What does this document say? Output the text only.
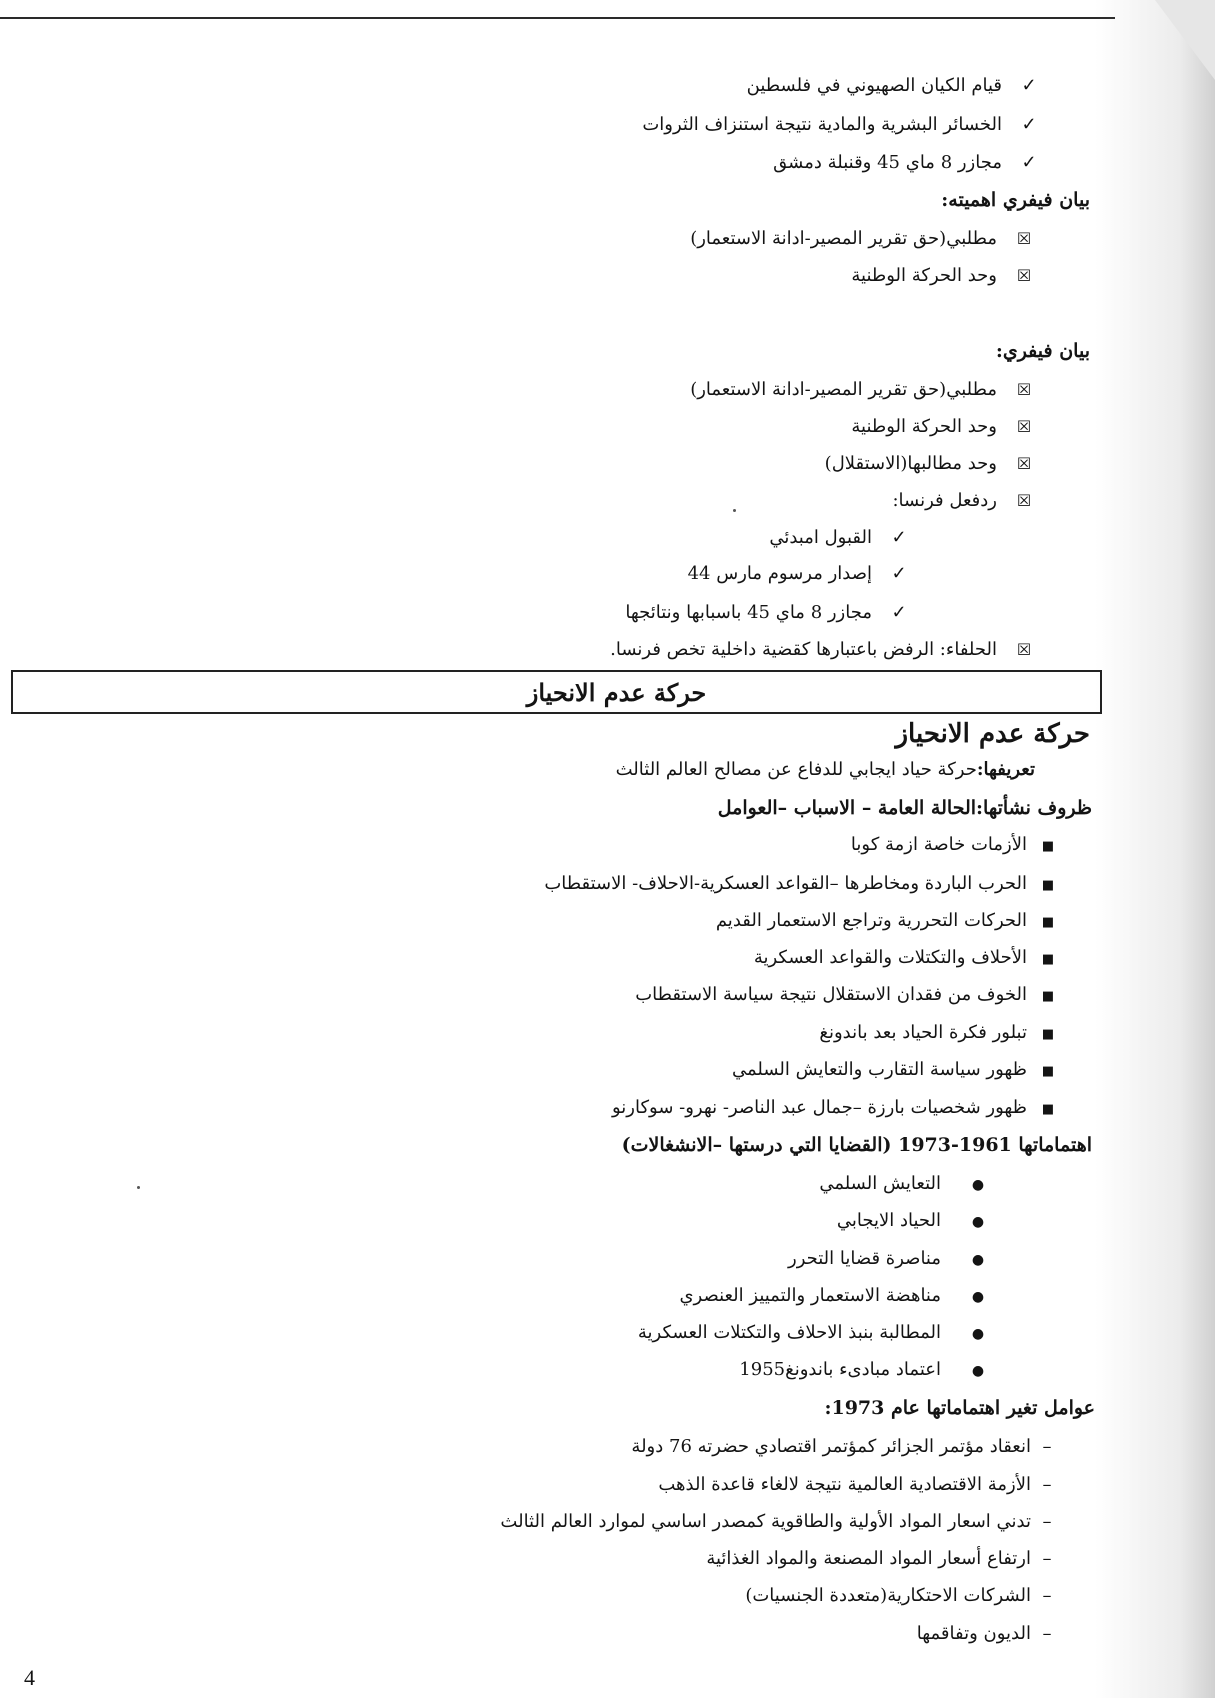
✓قيام الكيان الصهيوني في فلسطين
✓الخسائر البشرية والمادية نتيجة استنزاف الثروات
✓مجازر 8 ماي 45 وقنبلة دمشق
بيان فيفري اهميته:
☒مطلبي(حق تقرير المصير-ادانة الاستعمار)
☒وحد الحركة الوطنية
بيان فيفري:
☒مطلبي(حق تقرير المصير-ادانة الاستعمار)
☒وحد الحركة الوطنية
☒وحد مطالبها(الاستقلال)
☒ردفعل فرنسا:
✓القبول امبدئي
✓إصدار مرسوم مارس 44
✓مجازر 8 ماي 45 باسبابها ونتائجها
☒الحلفاء: الرفض باعتبارها كقضية داخلية تخص فرنسا.
حركة عدم الانحياز
حركة عدم الانحياز
تعريفها:حركة حياد ايجابي للدفاع عن مصالح العالم الثالث
ظروف نشأتها:الحالة العامة – الاسباب –العوامل
■الأزمات خاصة ازمة كوبا
■الحرب الباردة ومخاطرها –القواعد العسكرية-الاحلاف- الاستقطاب
■الحركات التحررية وتراجع الاستعمار القديم
■الأحلاف والتكتلات والقواعد العسكرية
■الخوف من فقدان الاستقلال نتيجة سياسة الاستقطاب
■تبلور فكرة الحياد بعد باندونغ
■ظهور سياسة التقارب والتعايش السلمي
■ظهور شخصيات بارزة –جمال عبد الناصر- نهرو- سوكارنو
اهتماماتها 1961-1973 (القضايا التي درستها –الانشغالات)
●التعايش السلمي
●الحياد الايجابي
●مناصرة قضايا التحرر
●مناهضة الاستعمار والتمييز العنصري
●المطالبة بنبذ الاحلاف والتكتلات العسكرية
●اعتماد مبادىء باندونغ1955
عوامل تغير اهتماماتها عام 1973:
–انعقاد مؤتمر الجزائر كمؤتمر اقتصادي حضرته 76 دولة
–الأزمة الاقتصادية العالمية نتيجة لالغاء قاعدة الذهب
–تدني اسعار المواد الأولية والطاقوية كمصدر اساسي لموارد العالم الثالث
–ارتفاع أسعار المواد المصنعة والمواد الغذائية
–الشركات الاحتكارية(متعددة الجنسيات)
–الديون وتفاقمها
4
